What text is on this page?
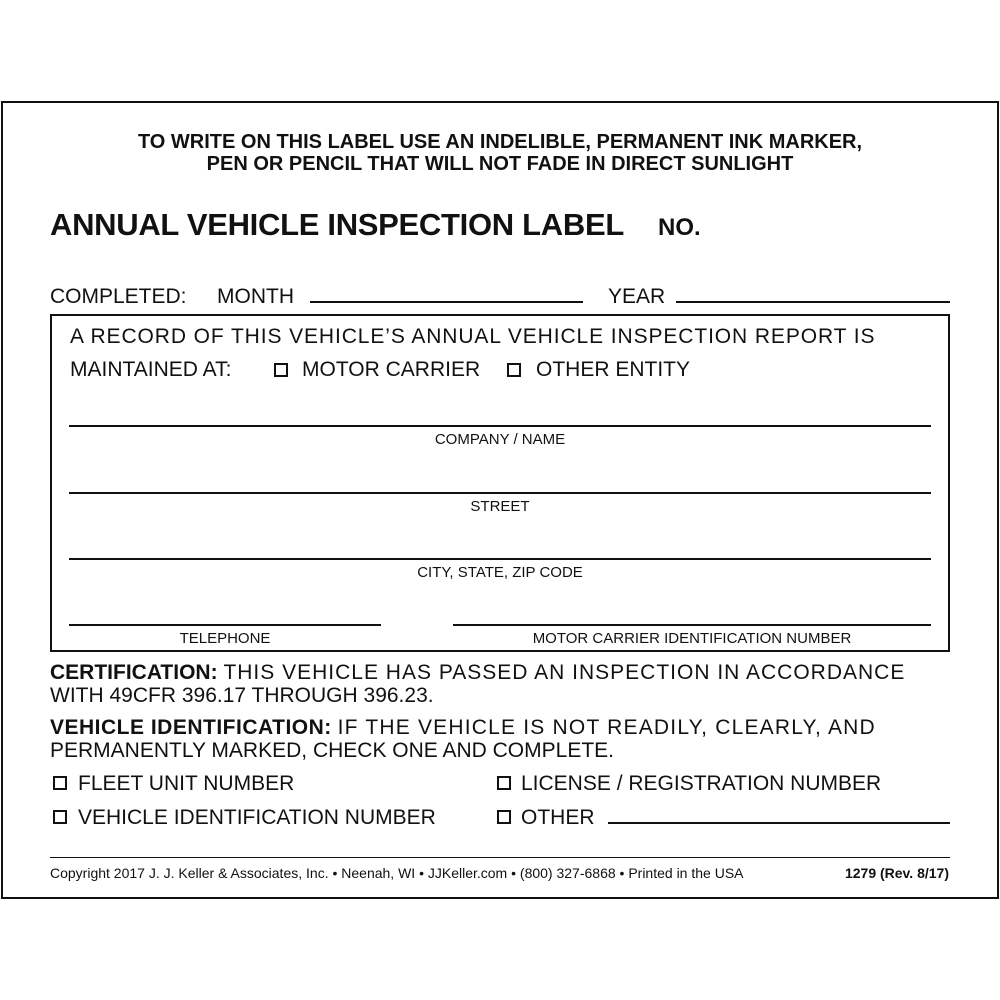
TO WRITE ON THIS LABEL USE AN INDELIBLE, PERMANENT INK MARKER,
PEN OR PENCIL THAT WILL NOT FADE IN DIRECT SUNLIGHT
ANNUAL VEHICLE INSPECTION LABEL NO.
COMPLETED: MONTH	YEAR
A RECORD OF THIS VEHICLE’S ANNUAL VEHICLE INSPECTION REPORT IS
MAINTAINED AT:	MOTOR CARRIER	OTHER ENTITY
COMPANY / NAME
STREET
CITY, STATE, ZIP CODE
TELEPHONE	MOTOR CARRIER IDENTIFICATION NUMBER
CERTIFICATION: THIS VEHICLE HAS PASSED AN INSPECTION IN ACCORDANCE
WITH 49CFR 396.17 THROUGH 396.23.
VEHICLE IDENTIFICATION: IF THE VEHICLE IS NOT READILY, CLEARLY, AND
PERMANENTLY MARKED, CHECK ONE AND COMPLETE.
FLEET UNIT NUMBER	LICENSE / REGISTRATION NUMBER
VEHICLE IDENTIFICATION NUMBER	OTHER
Copyright 2017 J. J. Keller & Associates, Inc. • Neenah, WI • JJKeller.com • (800) 327-6868 • Printed in the USA	1279 (Rev. 8/17)
